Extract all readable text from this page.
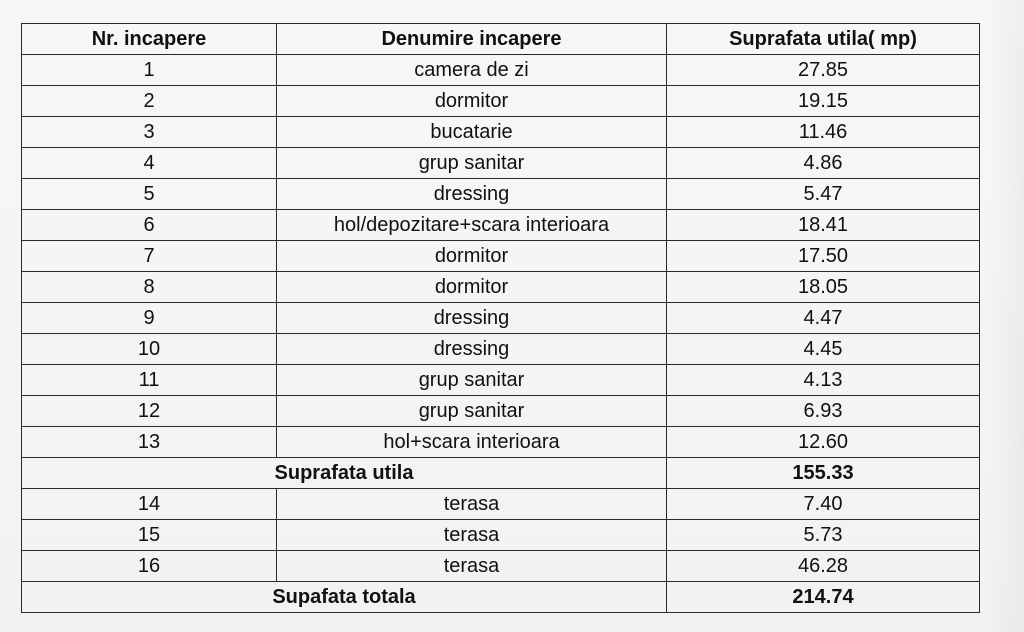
Nr. incapere	Denumire incapere	Suprafata utila( mp)
1	camera de zi	27.85
2	dormitor	19.15
3	bucatarie	11.46
4	grup sanitar	4.86
5	dressing	5.47
6	hol/depozitare+scara interioara	18.41
7	dormitor	17.50
8	dormitor	18.05
9	dressing	4.47
10	dressing	4.45
11	grup sanitar	4.13
12	grup sanitar	6.93
13	hol+scara interioara	12.60
Suprafata utila		155.33
14	terasa	7.40
15	terasa	5.73
16	terasa	46.28
Supafata totala		214.74
